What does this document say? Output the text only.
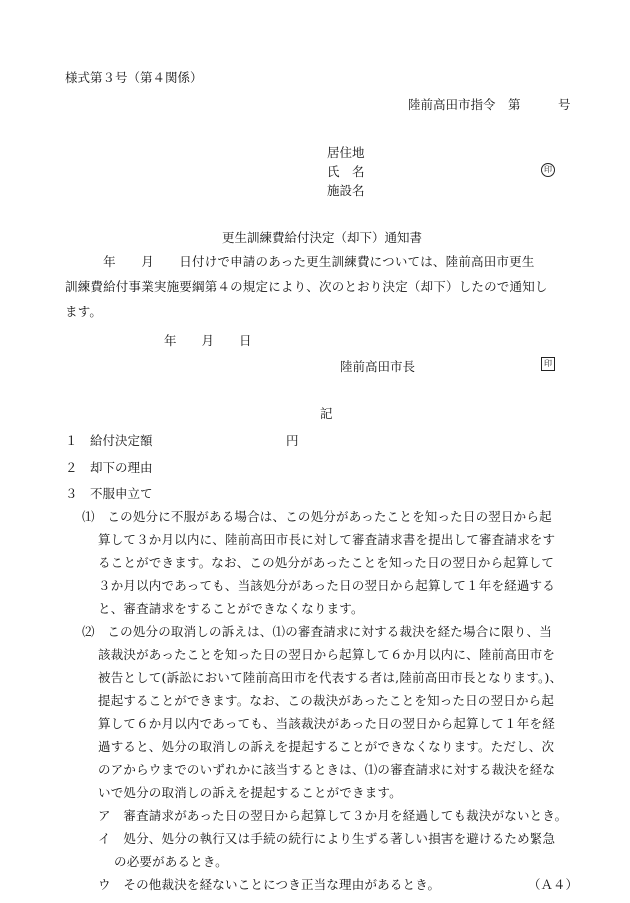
様式第３号（第４関係）
陸前高田市指令　第　　　号
居住地
氏　名	印
施設名
更生訓練費給付決定（却下）通知書
　　　年　　月　　日付けで申請のあった更生訓練費については、陸前高田市更生
訓練費給付事業実施要綱第４の規定により、次のとおり決定（却下）したので通知し
ます。
年　　月　　日
陸前高田市長	印
記
１　給付決定額	円
２　却下の理由
３　不服申立て
⑴　この処分に不服がある場合は、この処分があったことを知った日の翌日から起
算して３か月以内に、陸前高田市長に対して審査請求書を提出して審査請求をす
ることができます。なお、この処分があったことを知った日の翌日から起算して
３か月以内であっても、当該処分があった日の翌日から起算して１年を経過する
と、審査請求をすることができなくなります。
⑵　この処分の取消しの訴えは、⑴の審査請求に対する裁決を経た場合に限り、当
該裁決があったことを知った日の翌日から起算して６か月以内に、陸前高田市を
被告として(訴訟において陸前高田市を代表する者は,陸前高田市長となります。)、
提起することができます。なお、この裁決があったことを知った日の翌日から起
算して６か月以内であっても、当該裁決があった日の翌日から起算して１年を経
過すると、処分の取消しの訴えを提起することができなくなります。ただし、次
のアからウまでのいずれかに該当するときは、⑴の審査請求に対する裁決を経な
いで処分の取消しの訴えを提起することができます。
ア　審査請求があった日の翌日から起算して３か月を経過しても裁決がないとき。
イ　処分、処分の執行又は手続の続行により生ずる著しい損害を避けるため緊急
の必要があるとき。
ウ　その他裁決を経ないことにつき正当な理由があるとき。	（Ａ４）
